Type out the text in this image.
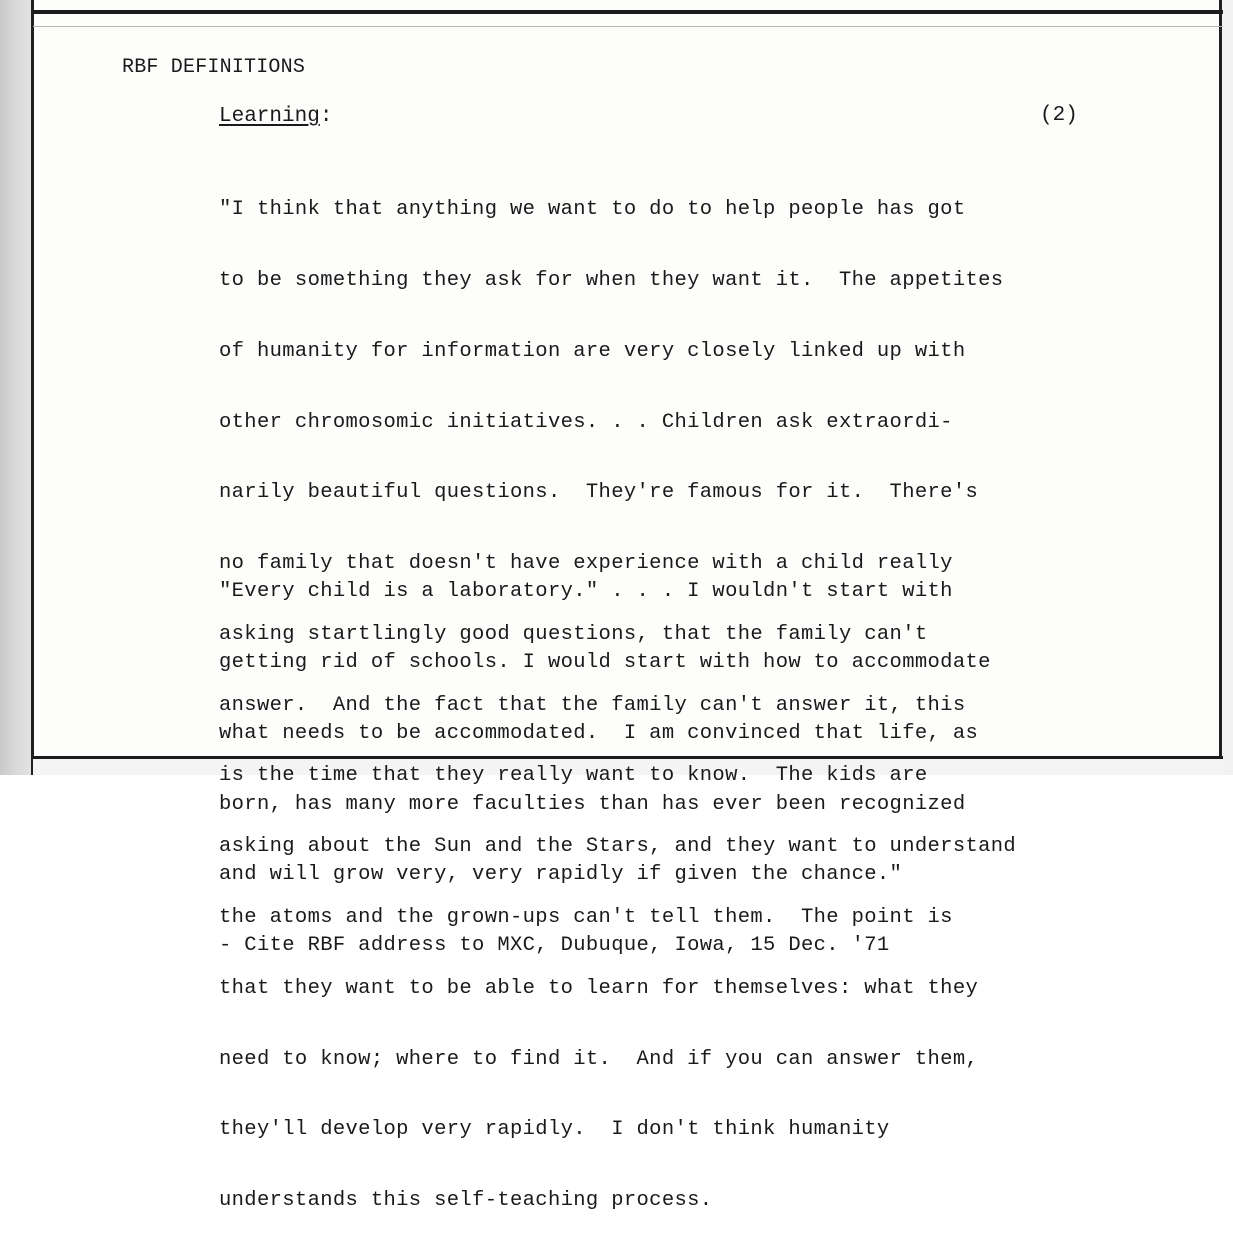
RBF DEFINITIONS
Learning:	(2)

"I think that anything we want to do to help people has got

to be something they ask for when they want it.  The appetites

of humanity for information are very closely linked up with

other chromosomic initiatives. . . Children ask extraordi-

narily beautiful questions.  They're famous for it.  There's

no family that doesn't have experience with a child really

asking startlingly good questions, that the family can't

answer.  And the fact that the family can't answer it, this

is the time that they really want to know.  The kids are

asking about the Sun and the Stars, and they want to understand

the atoms and the grown-ups can't tell them.  The point is

that they want to be able to learn for themselves: what they

need to know; where to find it.  And if you can answer them,

they'll develop very rapidly.  I don't think humanity

understands this self-teaching process.

"Every child is a laboratory." . . . I wouldn't start with

getting rid of schools. I would start with how to accommodate

what needs to be accommodated.  I am convinced that life, as

born, has many more faculties than has ever been recognized

and will grow very, very rapidly if given the chance."

- Cite RBF address to MXC, Dubuque, Iowa, 15 Dec. '71
